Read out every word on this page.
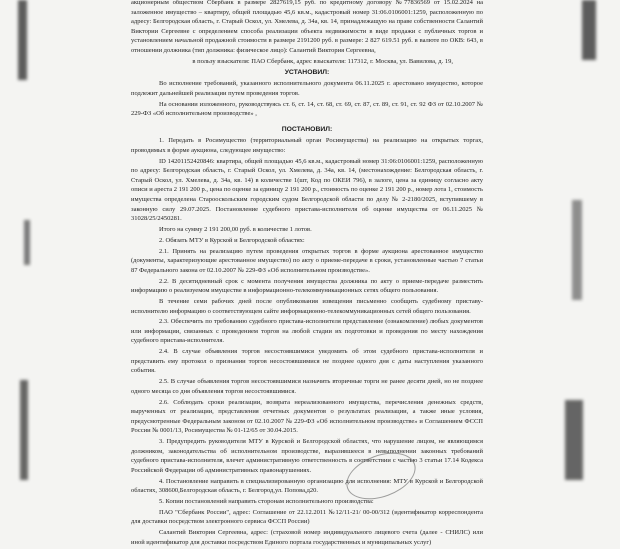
акционерным обществом Сбербанк в размере 2827619,15 руб. по кредитному договору №77836569 от 15.02.2024 на заложенное имущество – квартиру, общей площадью 45,6 кв.м., кадастровый номер 31:06.0106001:1259, расположенную по адресу: Белгородская область, г. Старый Оскол, ул. Хмелева, д. 34а, кв. 14, принадлежащую на праве собственности Салантий Виктории Сергеевне с определением способа реализации объекта недвижимости в виде продажи с публичных торгов и установлением начальной продажной стоимости в размере 2191200 руб. в размере: 2 827 619.51 руб. в валюте по ОКВ: 643, в отношении должника (тип должника: физическое лицо): Салантий Виктория Сергеевна,

в пользу взыскателя: ПАО Сбербанк, адрес взыскателя: 117312, г. Москва, ул. Вавилова, д. 19,

УСТАНОВИЛ:

Во исполнение требований, указанного исполнительного документа 06.11.2025 г. арестовано имущество, которое подлежит дальнейшей реализации путем проведения торгов.

На основании изложенного, руководствуясь ст. 6, ст. 14, ст. 68, ст. 69, ст. 87, ст. 89, ст. 91, ст. 92 ФЗ от 02.10.2007 № 229-ФЗ «Об исполнительном производстве» ,

ПОСТАНОВИЛ:

1. Передать в Росимущество (территориальный орган Росимущества) на реализацию на открытых торгах, проводимых в форме аукциона, следующее имущество:

ID 14201152420846: квартира, общей площадью 45,6 кв.м., кадастровый номер 31:06:0106001:1259, расположенную по адресу: Белгородская область, г. Старый Оскол, ул. Хмелева, д. 34а, кв. 14, (местонахождение: Белгородская область, г. Старый Оскол, ул. Хмелева, д. 34а, кв. 14) в количестве 1(шт, Код по ОКЕИ 796), в залоге, цена за единицу согласно акту описи и ареста 2 191 200 р., цена по оценке за единицу 2 191 200 р., стоимость по оценке 2 191 200 р., номер лота 1, стоимость имущества определена Старооскольским городским судом Белгородской области по делу № 2-2180/2025, вступившему в законную силу 29.07.2025. Постановление судебного пристава-исполнителя об оценке имущества от 06.11.2025 № 31028/25/2450281.

Итого на сумму 2 191 200,00 руб. в количестве 1 лотов.

2. Обязать МТУ в Курской и Белгородской областях:

2.1. Принять на реализацию путем проведения открытых торгов в форме аукциона арестованное имущество (документы, характеризующие арестованное имущество) по акту о приеме-передаче в сроки, установленные частью 7 статьи 87 Федерального закона от 02.10.2007 № 229-ФЗ «Об исполнительном производстве».

2.2. В десятидневный срок с момента получения имущества должника по акту о приеме-передаче разместить информацию о реализуемом имуществе в информационно-телекоммуникационных сетях общего пользования.

В течение семи рабочих дней после опубликования извещения письменно сообщить судебному приставу-исполнителю информацию о соответствующем сайте информационно-телекоммуникационных сетей общего пользования.

2.3. Обеспечить по требованию судебного пристава-исполнителя представление (ознакомление) любых документов или информации, связанных с проведением торгов на любой стадии их подготовки и проведения по месту нахождения судебного пристава-исполнителя.

2.4. В случае объявления торгов несостоявшимися уведомить об этом судебного пристава-исполнителя и представить ему протокол о признании торгов несостоявшимися не позднее одного дня с даты наступления указанного события.

2.5. В случае объявления торгов несостоявшимися назначить вторичные торги не ранее десяти дней, но не позднее одного месяца со дня объявления торгов несостоявшимися.

2.6. Соблюдать сроки реализации, возврата нереализованного имущества, перечисления денежных средств, вырученных от реализации, представления отчетных документов о результатах реализации, а также иные условия, предусмотренные Федеральным законом от 02.10.2007 № 229-ФЗ «Об исполнительном производстве» и Соглашением ФССП России № 0001/13, Росимущества № 01-12/65 от 30.04.2015.

3. Предупредить руководителя МТУ в Курской и Белгородской областях, что нарушение лицом, не являющимся должником, законодательства об исполнительном производстве, выразившееся в невыполнении законных требований судебного пристава-исполнителя, влечет административную ответственность в соответствии с частью 3 статьи 17.14 Кодекса Российской Федерации об административных правонарушениях.

4. Постановление направить в специализированную организацию для исполнения: МТУ в Курской и Белгородской областях, 308600,Белгородская область, г. Белгород,ул. Попова,д20.

5. Копии постановлений направить сторонам исполнительного производства:

ПАО "Сбербанк России", адрес: Соглашение от 22.12.2011 №12/11-21/ 00-00/312 (идентификатор корреспондента для доставки посредством электронного сервиса ФССП России)

Салантий Виктория Сергеевна, адрес: (страховой номер индивидуального лицевого счета (далее - СНИЛС) или иной идентификатор для доставки посредством Единого портала государственных и муниципальных услуг)
